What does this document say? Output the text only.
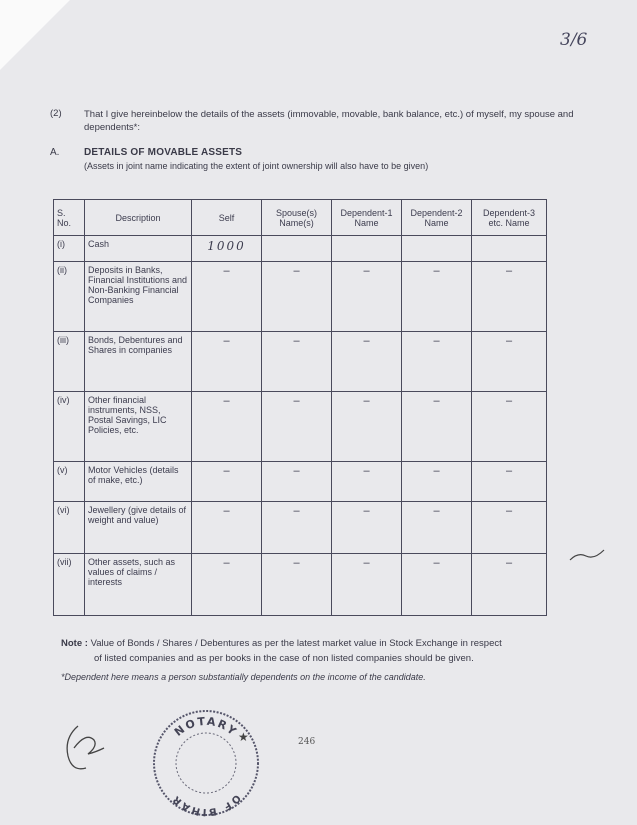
3/6
(2) That I give hereinbelow the details of the assets (immovable, movable, bank balance, etc.) of myself, my spouse and dependents*:
A. DETAILS OF MOVABLE ASSETS
(Assets in joint name indicating the extent of joint ownership will also have to be given)
S. No.	Description	Self	Spouse(s) Name(s)	Dependent-1 Name	Dependent-2 Name	Dependent-3 etc. Name
(i)	Cash	1000				
(ii)	Deposits in Banks, Financial Institutions and Non-Banking Financial Companies	–	–	–	–	–
(iii)	Bonds, Debentures and Shares in companies	–	–	–	–	–
(iv)	Other financial instruments, NSS, Postal Savings, LIC Policies, etc.	–	–	–	–	–
(v)	Motor Vehicles (details of make, etc.)	–	–	–	–	–
(vi)	Jewellery (give details of weight and value)	–	–	–	–	–
(vii)	Other assets, such as values of claims / interests	–	–	–	–	–
Note : Value of Bonds / Shares / Debentures as per the latest market value in Stock Exchange in respect
of listed companies and as per books in the case of non listed companies should be given.
*Dependent here means a person substantially dependents on the income of the candidate.
NOTARY
OF BIHAR
★	246
